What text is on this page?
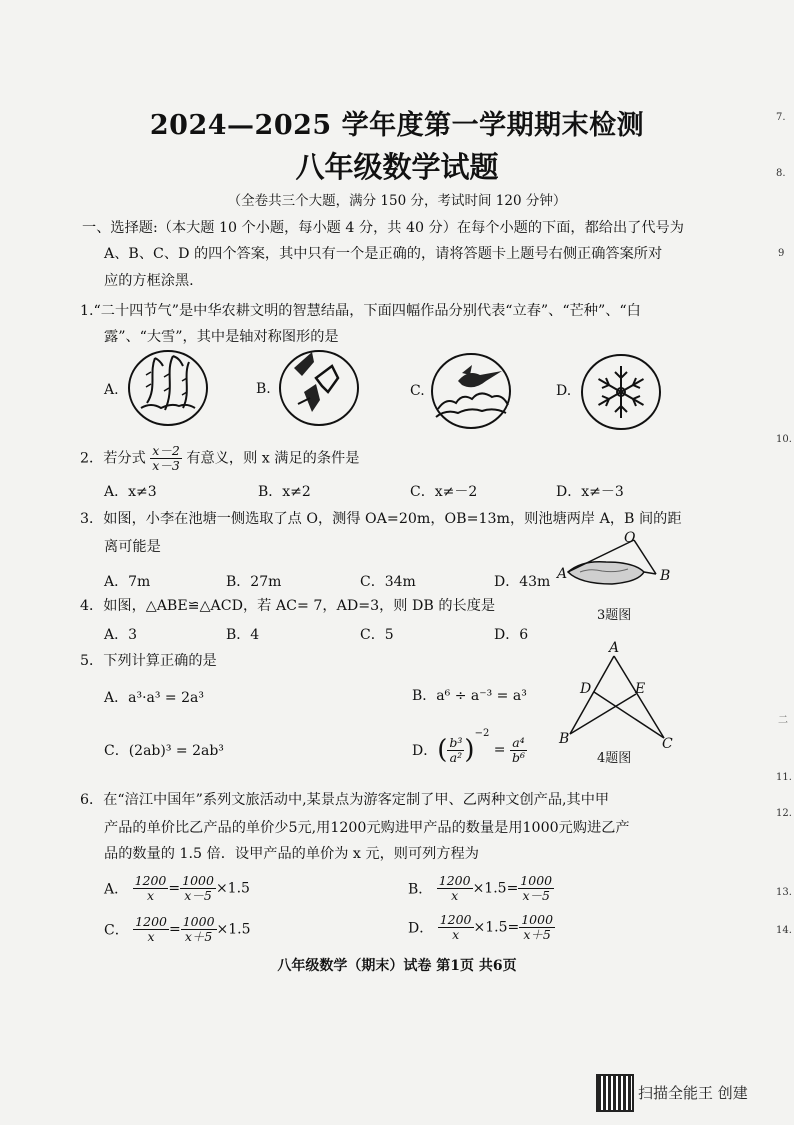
2024—2025 学年度第一学期期末检测
八年级数学试题
（全卷共三个大题，满分 150 分，考试时间 120 分钟）
一、选择题:（本大题 10 个小题，每小题 4 分，共 40 分）在每个小题的下面，都给出了代号为
A、B、C、D 的四个答案，其中只有一个是正确的，请将答题卡上题号右侧正确答案所对
应的方框涂黑.
1.“二十四节气”是中华农耕文明的智慧结晶，下面四幅作品分别代表“立春”、“芒种”、“白
露”、“大雪”，其中是轴对称图形的是
A.	B.	C.	D.
2．若分式 $\frac{x-2}{x-3}$ 有意义，则 x 满足的条件是
A．x≠3	B．x≠2	C．x≠－2	D．x≠－3
3．如图，小李在池塘一侧选取了点 O，测得 OA=20m，OB=13m，则池塘两岸 A，B 间的距
离可能是
A．7m	B．27m	C．34m	D．43m
O
A	B
3题图
4．如图，△ABE≌△ACD，若 AC= 7，AD=3，则 DB 的长度是
A．3	B．4	C．5	D．6
5．下列计算正确的是
A．a³·a³ = 2a³	B．a⁶ ÷ a⁻³ = a³
C．(2ab)³ = 2ab³	D．( $\frac{\text{b³}}{\text{a²}} )^{-2} = \frac{\text{a⁴}}{\text{b⁶}}$
A
D	E
B	C
4题图
6．在“涪江中国年”系列文旅活动中,某景点为游客定制了甲、乙两种文创产品,其中甲
产品的单价比乙产品的单价少5元,用1200元购进甲产品的数量是用1000元购进乙产
品的数量的 1.5 倍．设甲产品的单价为 x 元，则可列方程为
A． $\frac{1200}{x} = \frac{1000}{x-5} \times 1.5$	B． $\frac{1200}{x} \times 1.5= \frac{1000}{x-5}$
C． $\frac{1200}{x} = \frac{1000}{x+5} \times 1.5$	D． $\frac{1200}{x} \times 1.5= \frac{1000}{x+5}$
八年级数学（期末）试卷 第1页 共6页
7.
8.
9
10.
二
11.
12.
13.
14.
扫描全能王 创建
